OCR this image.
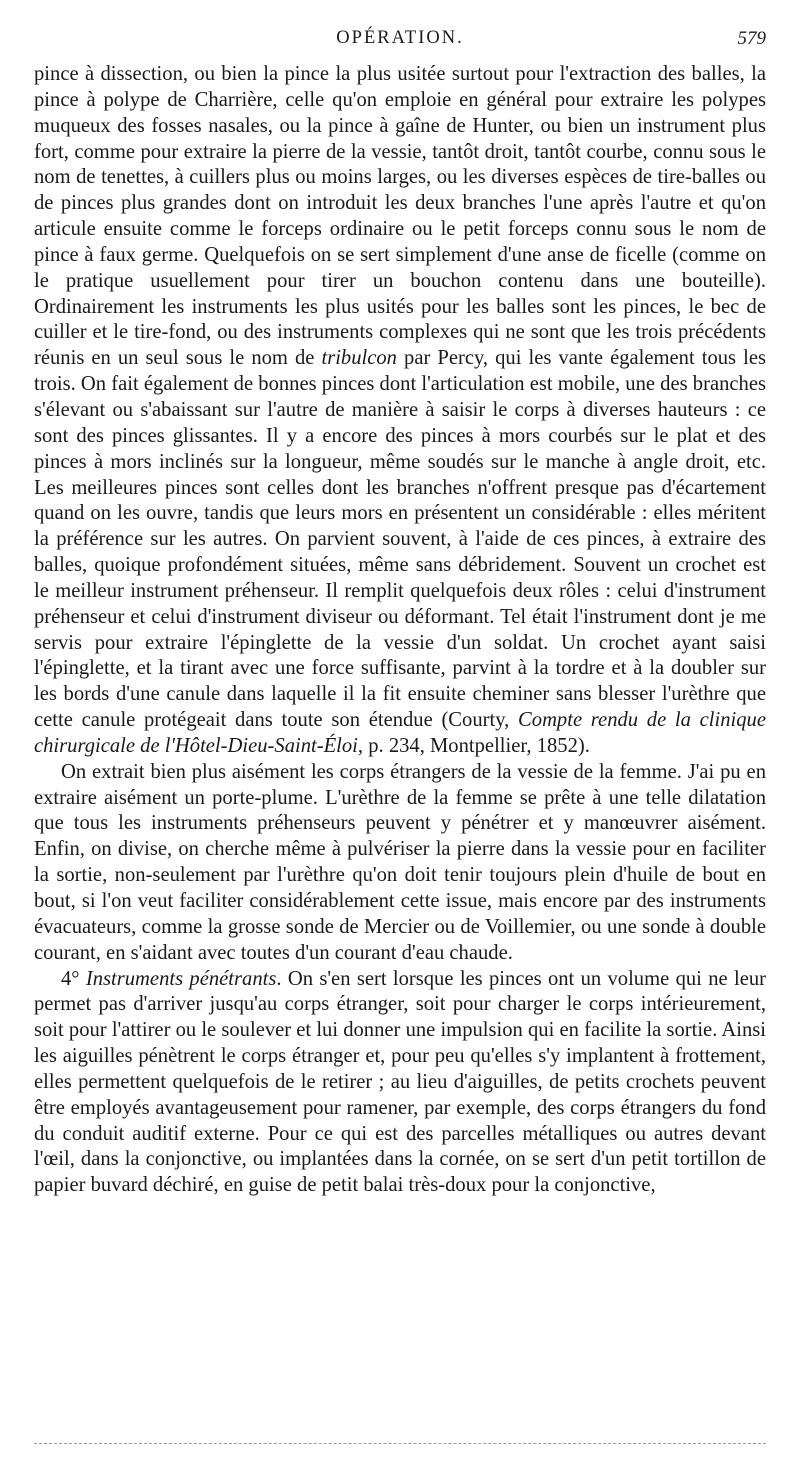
OPÉRATION.	579

pince à dissection, ou bien la pince la plus usitée surtout pour l'extraction des balles, la pince à polype de Charrière, celle qu'on emploie en général pour extraire les polypes muqueux des fosses nasales, ou la pince à gaîne de Hunter, ou bien un instrument plus fort, comme pour extraire la pierre de la vessie, tantôt droit, tantôt courbe, connu sous le nom de tenettes, à cuillers plus ou moins larges, ou les diverses espèces de tire-balles ou de pinces plus grandes dont on introduit les deux branches l'une après l'autre et qu'on articule ensuite comme le forceps ordinaire ou le petit forceps connu sous le nom de pince à faux germe. Quelquefois on se sert simplement d'une anse de ficelle (comme on le pratique usuellement pour tirer un bouchon contenu dans une bouteille). Ordinairement les instruments les plus usités pour les balles sont les pinces, le bec de cuiller et le tire-fond, ou des instruments complexes qui ne sont que les trois précédents réunis en un seul sous le nom de tribulcon par Percy, qui les vante également tous les trois. On fait également de bonnes pinces dont l'articulation est mobile, une des branches s'élevant ou s'abaissant sur l'autre de manière à saisir le corps à diverses hauteurs : ce sont des pinces glissantes. Il y a encore des pinces à mors courbés sur le plat et des pinces à mors inclinés sur la longueur, même soudés sur le manche à angle droit, etc. Les meilleures pinces sont celles dont les branches n'offrent presque pas d'écartement quand on les ouvre, tandis que leurs mors en présentent un considérable : elles méritent la préférence sur les autres. On parvient souvent, à l'aide de ces pinces, à extraire des balles, quoique profondément situées, même sans débridement. Souvent un crochet est le meilleur instrument préhenseur. Il remplit quelquefois deux rôles : celui d'instrument préhenseur et celui d'instrument diviseur ou déformant. Tel était l'instrument dont je me servis pour extraire l'épinglette de la vessie d'un soldat. Un crochet ayant saisi l'épinglette, et la tirant avec une force suffisante, parvint à la tordre et à la doubler sur les bords d'une canule dans laquelle il la fit ensuite cheminer sans blesser l'urèthre que cette canule protégeait dans toute son étendue (Courty, Compte rendu de la clinique chirurgicale de l'Hôtel-Dieu-Saint-Éloi, p. 234, Montpellier, 1852).

On extrait bien plus aisément les corps étrangers de la vessie de la femme. J'ai pu en extraire aisément un porte-plume. L'urèthre de la femme se prête à une telle dilatation que tous les instruments préhenseurs peuvent y pénétrer et y manœuvrer aisément. Enfin, on divise, on cherche même à pulvériser la pierre dans la vessie pour en faciliter la sortie, non-seulement par l'urèthre qu'on doit tenir toujours plein d'huile de bout en bout, si l'on veut faciliter considérablement cette issue, mais encore par des instruments évacuateurs, comme la grosse sonde de Mercier ou de Voillemier, ou une sonde à double courant, en s'aidant avec toutes d'un courant d'eau chaude.

4° Instruments pénétrants. On s'en sert lorsque les pinces ont un volume qui ne leur permet pas d'arriver jusqu'au corps étranger, soit pour charger le corps intérieurement, soit pour l'attirer ou le soulever et lui donner une impulsion qui en facilite la sortie. Ainsi les aiguilles pénètrent le corps étranger et, pour peu qu'elles s'y implantent à frottement, elles permettent quelquefois de le retirer ; au lieu d'aiguilles, de petits crochets peuvent être employés avantageusement pour ramener, par exemple, des corps étrangers du fond du conduit auditif externe. Pour ce qui est des parcelles métalliques ou autres devant l'œil, dans la conjonctive, ou implantées dans la cornée, on se sert d'un petit tortillon de papier buvard déchiré, en guise de petit balai très-doux pour la conjonctive,
